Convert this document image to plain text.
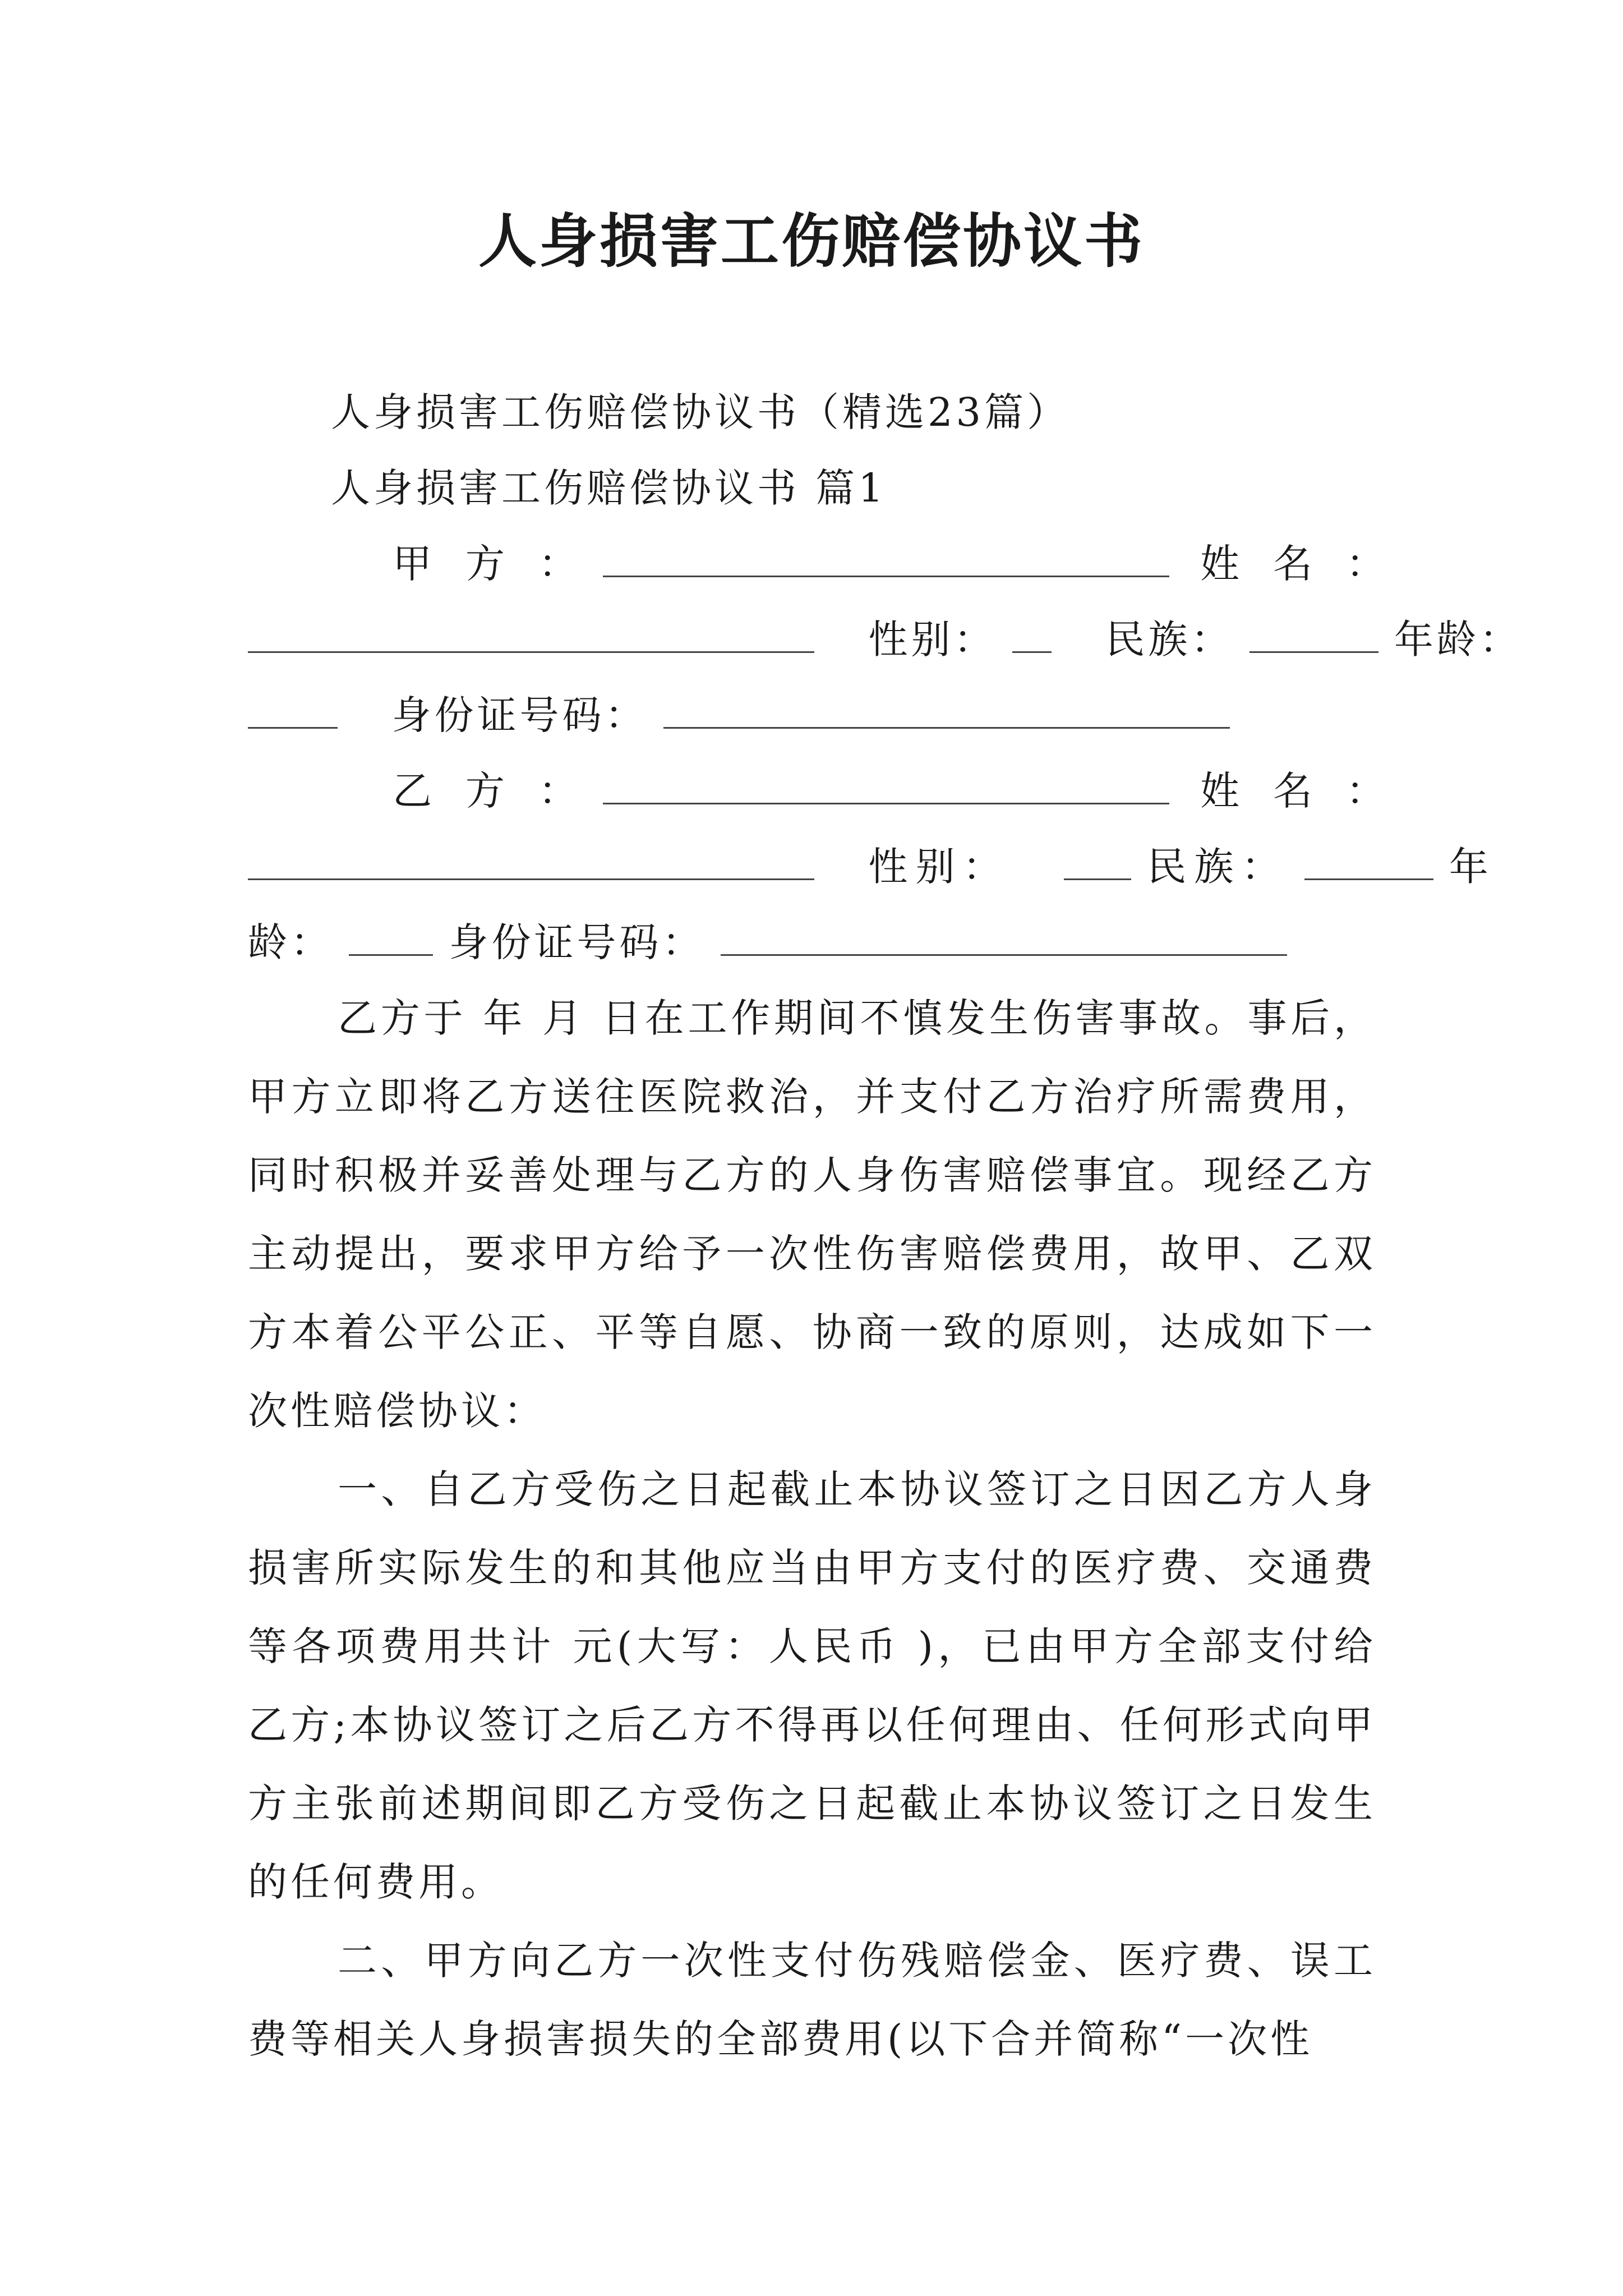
人身损害工伤赔偿协议书
人身损害工伤赔偿协议书（精选23篇）
人身损害工伤赔偿协议书 篇1
甲方：	姓名：
性别：	民族：	年龄：
身份证号码：
乙方：	姓名：
性别：	民族：	年
龄：	身份证号码：

乙方于 年 月 日在工作期间不慎发生伤害事故。事后，甲方立即将乙方送往医院救治，并支付乙方治疗所需费用，同时积极并妥善处理与乙方的人身伤害赔偿事宜。现经乙方主动提出，要求甲方给予一次性伤害赔偿费用，故甲、乙双方本着公平公正、平等自愿、协商一致的原则，达成如下一次性赔偿协议：

一、自乙方受伤之日起截止本协议签订之日因乙方人身损害所实际发生的和其他应当由甲方支付的医疗费、交通费等各项费用共计 元(大写：人民币 )，已由甲方全部支付给乙方;本协议签订之后乙方不得再以任何理由、任何形式向甲方主张前述期间即乙方受伤之日起截止本协议签订之日发生的任何费用。

二、甲方向乙方一次性支付伤残赔偿金、医疗费、误工费等相关人身损害损失的全部费用(以下合并简称“一次性
